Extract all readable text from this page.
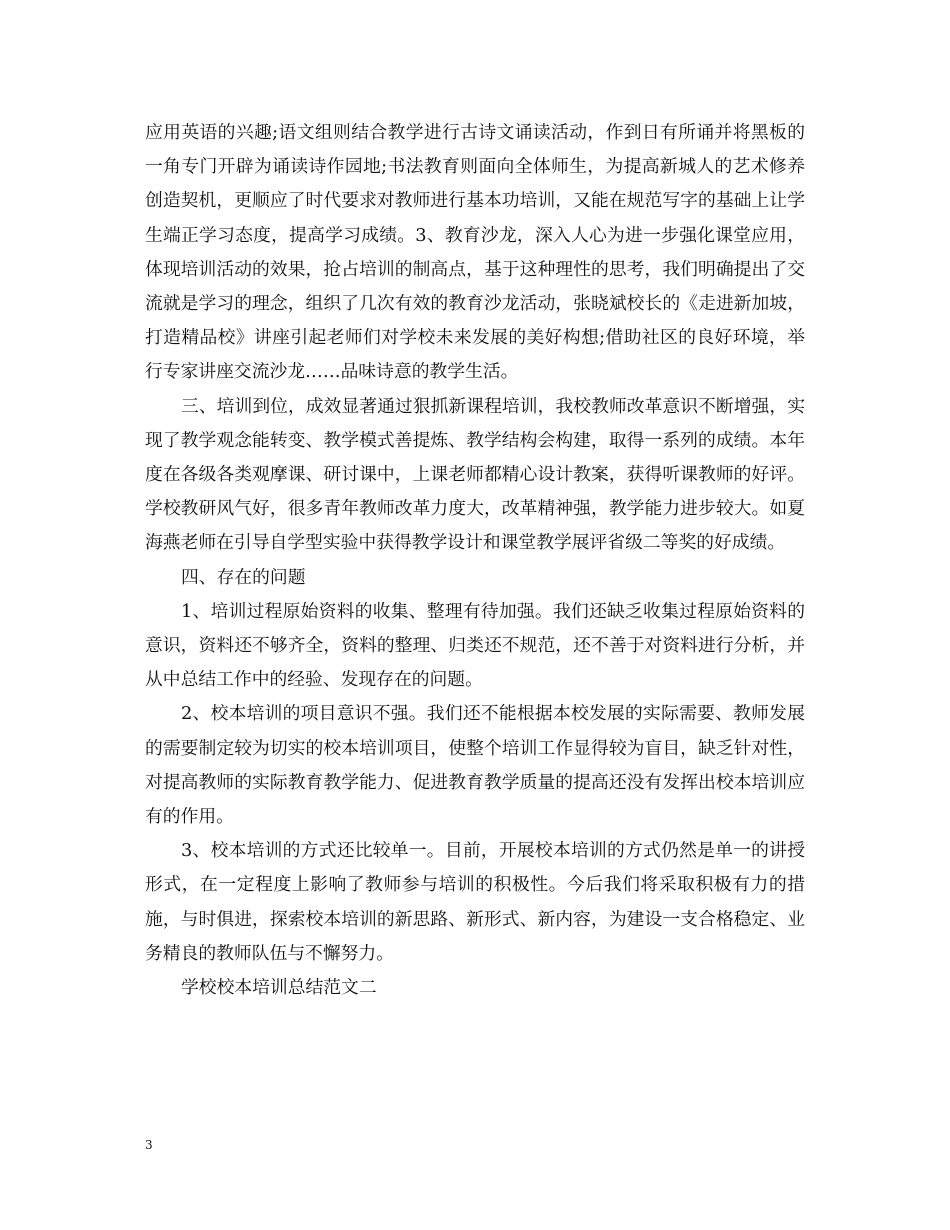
应用英语的兴趣;语文组则结合教学进行古诗文诵读活动，作到日有所诵并将黑板的一角专门开辟为诵读诗作园地;书法教育则面向全体师生，为提高新城人的艺术修养创造契机，更顺应了时代要求对教师进行基本功培训，又能在规范写字的基础上让学生端正学习态度，提高学习成绩。3、教育沙龙，深入人心为进一步强化课堂应用，体现培训活动的效果，抢占培训的制高点，基于这种理性的思考，我们明确提出了交流就是学习的理念，组织了几次有效的教育沙龙活动，张晓斌校长的《走进新加坡，打造精品校》讲座引起老师们对学校未来发展的美好构想;借助社区的良好环境，举行专家讲座交流沙龙……品味诗意的教学生活。

三、培训到位，成效显著通过狠抓新课程培训，我校教师改革意识不断增强，实现了教学观念能转变、教学模式善提炼、教学结构会构建，取得一系列的成绩。本年度在各级各类观摩课、研讨课中，上课老师都精心设计教案，获得听课教师的好评。学校教研风气好，很多青年教师改革力度大，改革精神强，教学能力进步较大。如夏海燕老师在引导自学型实验中获得教学设计和课堂教学展评省级二等奖的好成绩。

四、存在的问题

1、培训过程原始资料的收集、整理有待加强。我们还缺乏收集过程原始资料的意识，资料还不够齐全，资料的整理、归类还不规范，还不善于对资料进行分析，并从中总结工作中的经验、发现存在的问题。

2、校本培训的项目意识不强。我们还不能根据本校发展的实际需要、教师发展的需要制定较为切实的校本培训项目，使整个培训工作显得较为盲目，缺乏针对性，对提高教师的实际教育教学能力、促进教育教学质量的提高还没有发挥出校本培训应有的作用。

3、校本培训的方式还比较单一。目前，开展校本培训的方式仍然是单一的讲授形式，在一定程度上影响了教师参与培训的积极性。今后我们将采取积极有力的措施，与时俱进，探索校本培训的新思路、新形式、新内容，为建设一支合格稳定、业务精良的教师队伍与不懈努力。

学校校本培训总结范文二

3
